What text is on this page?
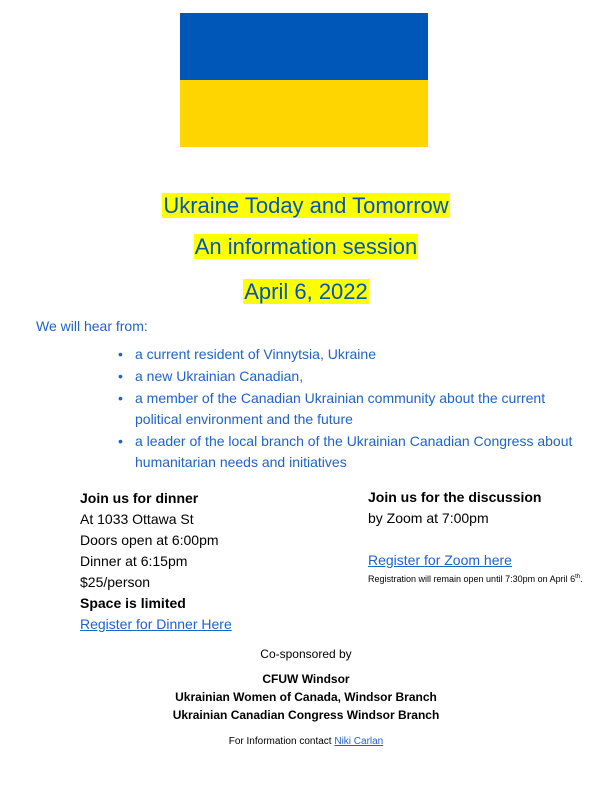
Ukraine Today and Tomorrow
An information session
April 6, 2022
We will hear from:
• a current resident of Vinnytsia, Ukraine
• a new Ukrainian Canadian,
• a member of the Canadian Ukrainian community about the current political environment and the future
• a leader of the local branch of the Ukrainian Canadian Congress about humanitarian needs and initiatives
Join us for dinner
At 1033 Ottawa St
Doors open at 6:00pm
Dinner at 6:15pm
$25/person
Space is limited
Register for Dinner Here
Join us for the discussion
by Zoom at 7:00pm
Register for Zoom here
Registration will remain open until 7:30pm on April 6th.
Co-sponsored by
CFUW Windsor
Ukrainian Women of Canada, Windsor Branch
Ukrainian Canadian Congress Windsor Branch
For Information contact Niki Carlan
